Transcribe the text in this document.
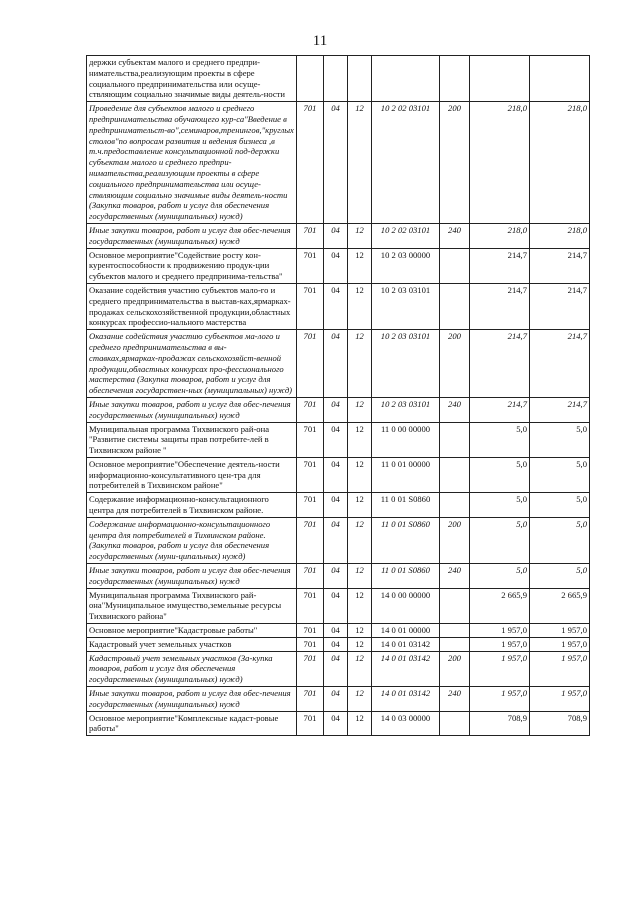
11
держки субъектам малого и среднего предпри-нимательства,реализующим проекты в сфере социального предпринимательства или осуще-ствляющим социально значимые виды деятель-ности							
Проведение для субъектов малого и среднего предпринимательства обучающего кур-са"Введение в предпринимательст-во",семинаров,тренингов,"круглых столов"по вопросам развития и ведения бизнеса ,в т.ч.предоставление консультационной под-держки субъектам малого и среднего предпри-нимательства,реализующим проекты в сфере социального предпринимательства или осуще-ствляющим социально значимые виды деятель-ности (Закупка товаров, работ и услуг для обеспечения государственных (муниципальных) нужд)	701	04	12	10 2 02 03101	200	218,0	218,0
Иные закупки товаров, работ и услуг для обес-печения государственных (муниципальных) нужд	701	04	12	10 2 02 03101	240	218,0	218,0
Основное мероприятие"Содействие росту кон-курентоспособности к продвижению продук-ции субъектов малого и среднего предпринима-тельства"	701	04	12	10 2 03 00000		214,7	214,7
Оказание содействия участию субъектов мало-го и среднего предпринимательства в выстав-ках,ярмарках-продажах сельскохозяйственной продукции,областных конкурсах профессио-нального мастерства	701	04	12	10 2 03 03101		214,7	214,7
Оказание содействия участию субъектов ма-лого и среднего предпринимательства в вы-ставках,ярмарках-продажах сельскохозяйст-венной продукции,областных конкурсах про-фессионального мастерства (Закупка товаров, работ и услуг для обеспечения государствен-ных (муниципальных) нужд)	701	04	12	10 2 03 03101	200	214,7	214,7
Иные закупки товаров, работ и услуг для обес-печения государственных (муниципальных) нужд	701	04	12	10 2 03 03101	240	214,7	214,7
Муниципальная программа Тихвинского рай-она "Развитие системы защиты прав потребите-лей в Тихвинском районе "	701	04	12	11 0 00 00000		5,0	5,0
Основное мероприятие"Обеспечение деятель-ности информационно-консультативного цен-тра для потребителей в Тихвинском районе"	701	04	12	11 0 01 00000		5,0	5,0
Содержание информационно-консультационного центра для потребителей в Тихвинском районе.	701	04	12	11 0 01 S0860		5,0	5,0
Содержание информационно-консультационного центра для потребителей в Тихвинском районе. (Закупка товаров, работ и услуг для обеспечения государственных (муни-ципальных) нужд)	701	04	12	11 0 01 S0860	200	5,0	5,0
Иные закупки товаров, работ и услуг для обес-печения государственных (муниципальных) нужд	701	04	12	11 0 01 S0860	240	5,0	5,0
Муниципальная программа Тихвинского рай-она"Муниципальное имущество,земельные ресурсы Тихвинского района"	701	04	12	14 0 00 00000		2 665,9	2 665,9
Основное мероприятие"Кадастровые работы"	701	04	12	14 0 01 00000		1 957,0	1 957,0
Кадастровый учет земельных участков	701	04	12	14 0 01 03142		1 957,0	1 957,0
Кадастровый учет земельных участков (За-купка товаров, работ и услуг для обеспечения государственных (муниципальных) нужд)	701	04	12	14 0 01 03142	200	1 957,0	1 957,0
Иные закупки товаров, работ и услуг для обес-печения государственных (муниципальных) нужд	701	04	12	14 0 01 03142	240	1 957,0	1 957,0
Основное мероприятие"Комплексные кадаст-ровые работы"	701	04	12	14 0 03 00000		708,9	708,9
